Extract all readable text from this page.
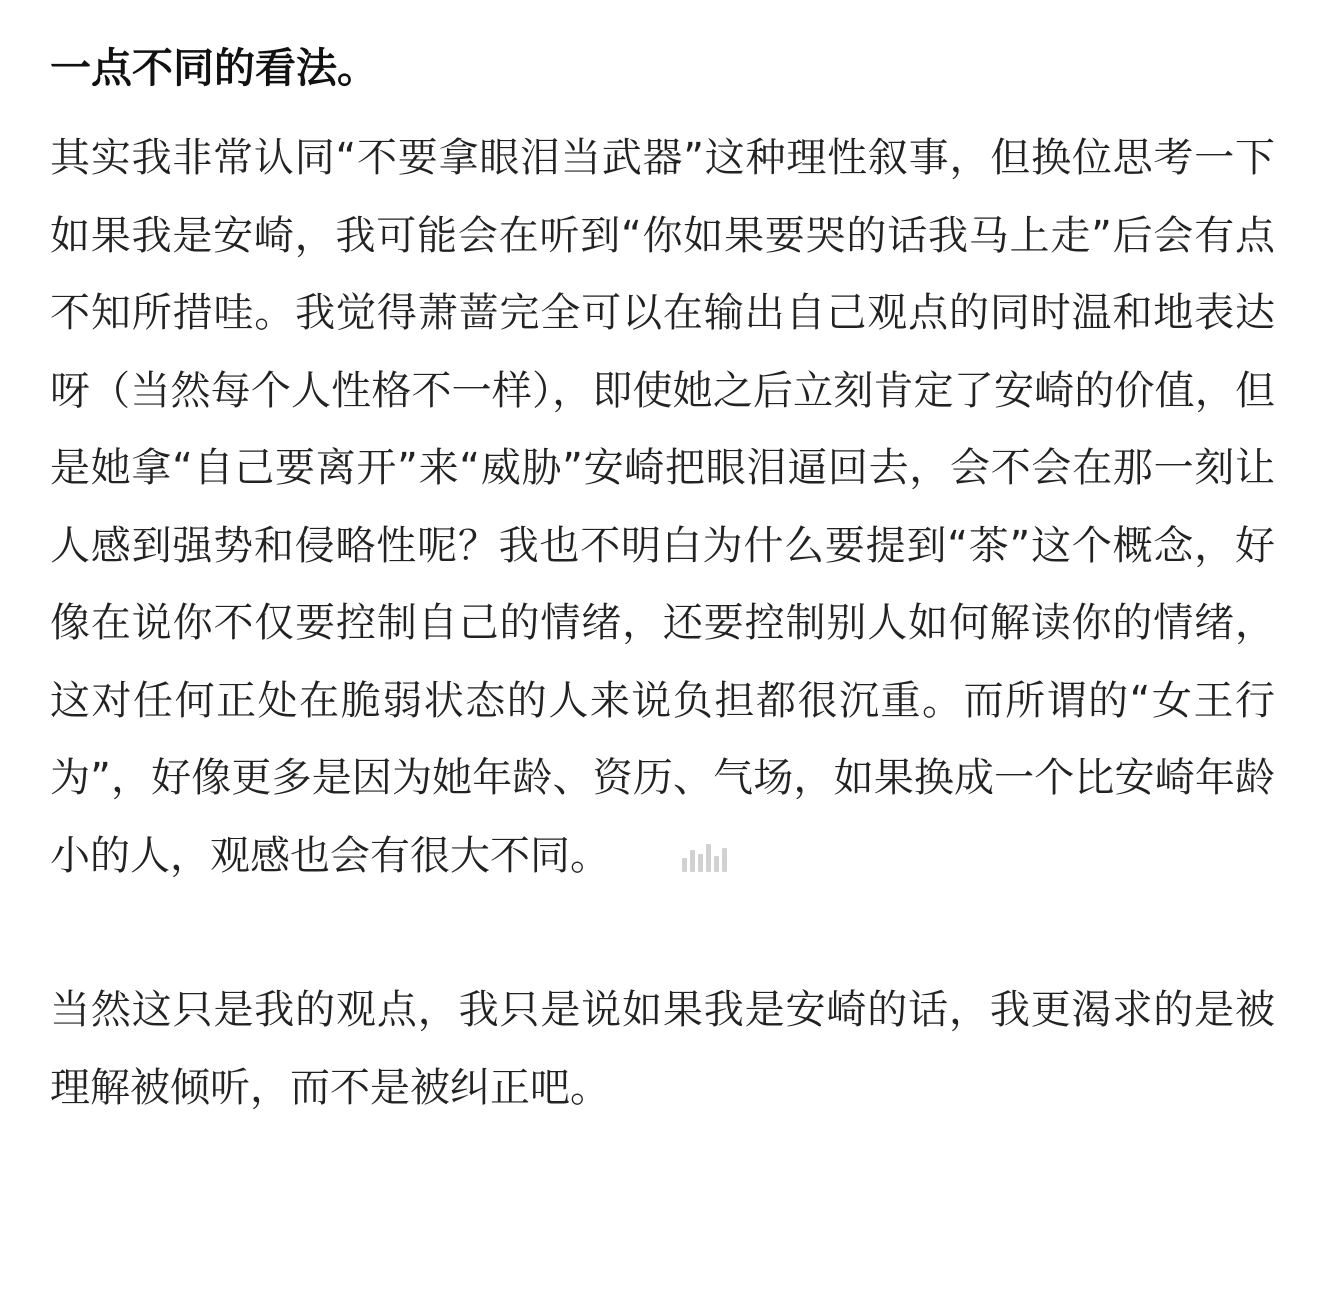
一点不同的看法。

其实我非常认同“不要拿眼泪当武器”这种理性叙事，但换位思考一下如果我是安崎，我可能会在听到“你如果要哭的话我马上走”后会有点不知所措哇。我觉得萧蔷完全可以在输出自己观点的同时温和地表达呀（当然每个人性格不一样），即使她之后立刻肯定了安崎的价值，但是她拿“自己要离开”来“威胁”安崎把眼泪逼回去，会不会在那一刻让人感到强势和侵略性呢？我也不明白为什么要提到“茶”这个概念，好像在说你不仅要控制自己的情绪，还要控制别人如何解读你的情绪，这对任何正处在脆弱状态的人来说负担都很沉重。而所谓的“女王行为”，好像更多是因为她年龄、资历、气场，如果换成一个比安崎年龄小的人，观感也会有很大不同。

当然这只是我的观点，我只是说如果我是安崎的话，我更渴求的是被理解被倾听，而不是被纠正吧。
